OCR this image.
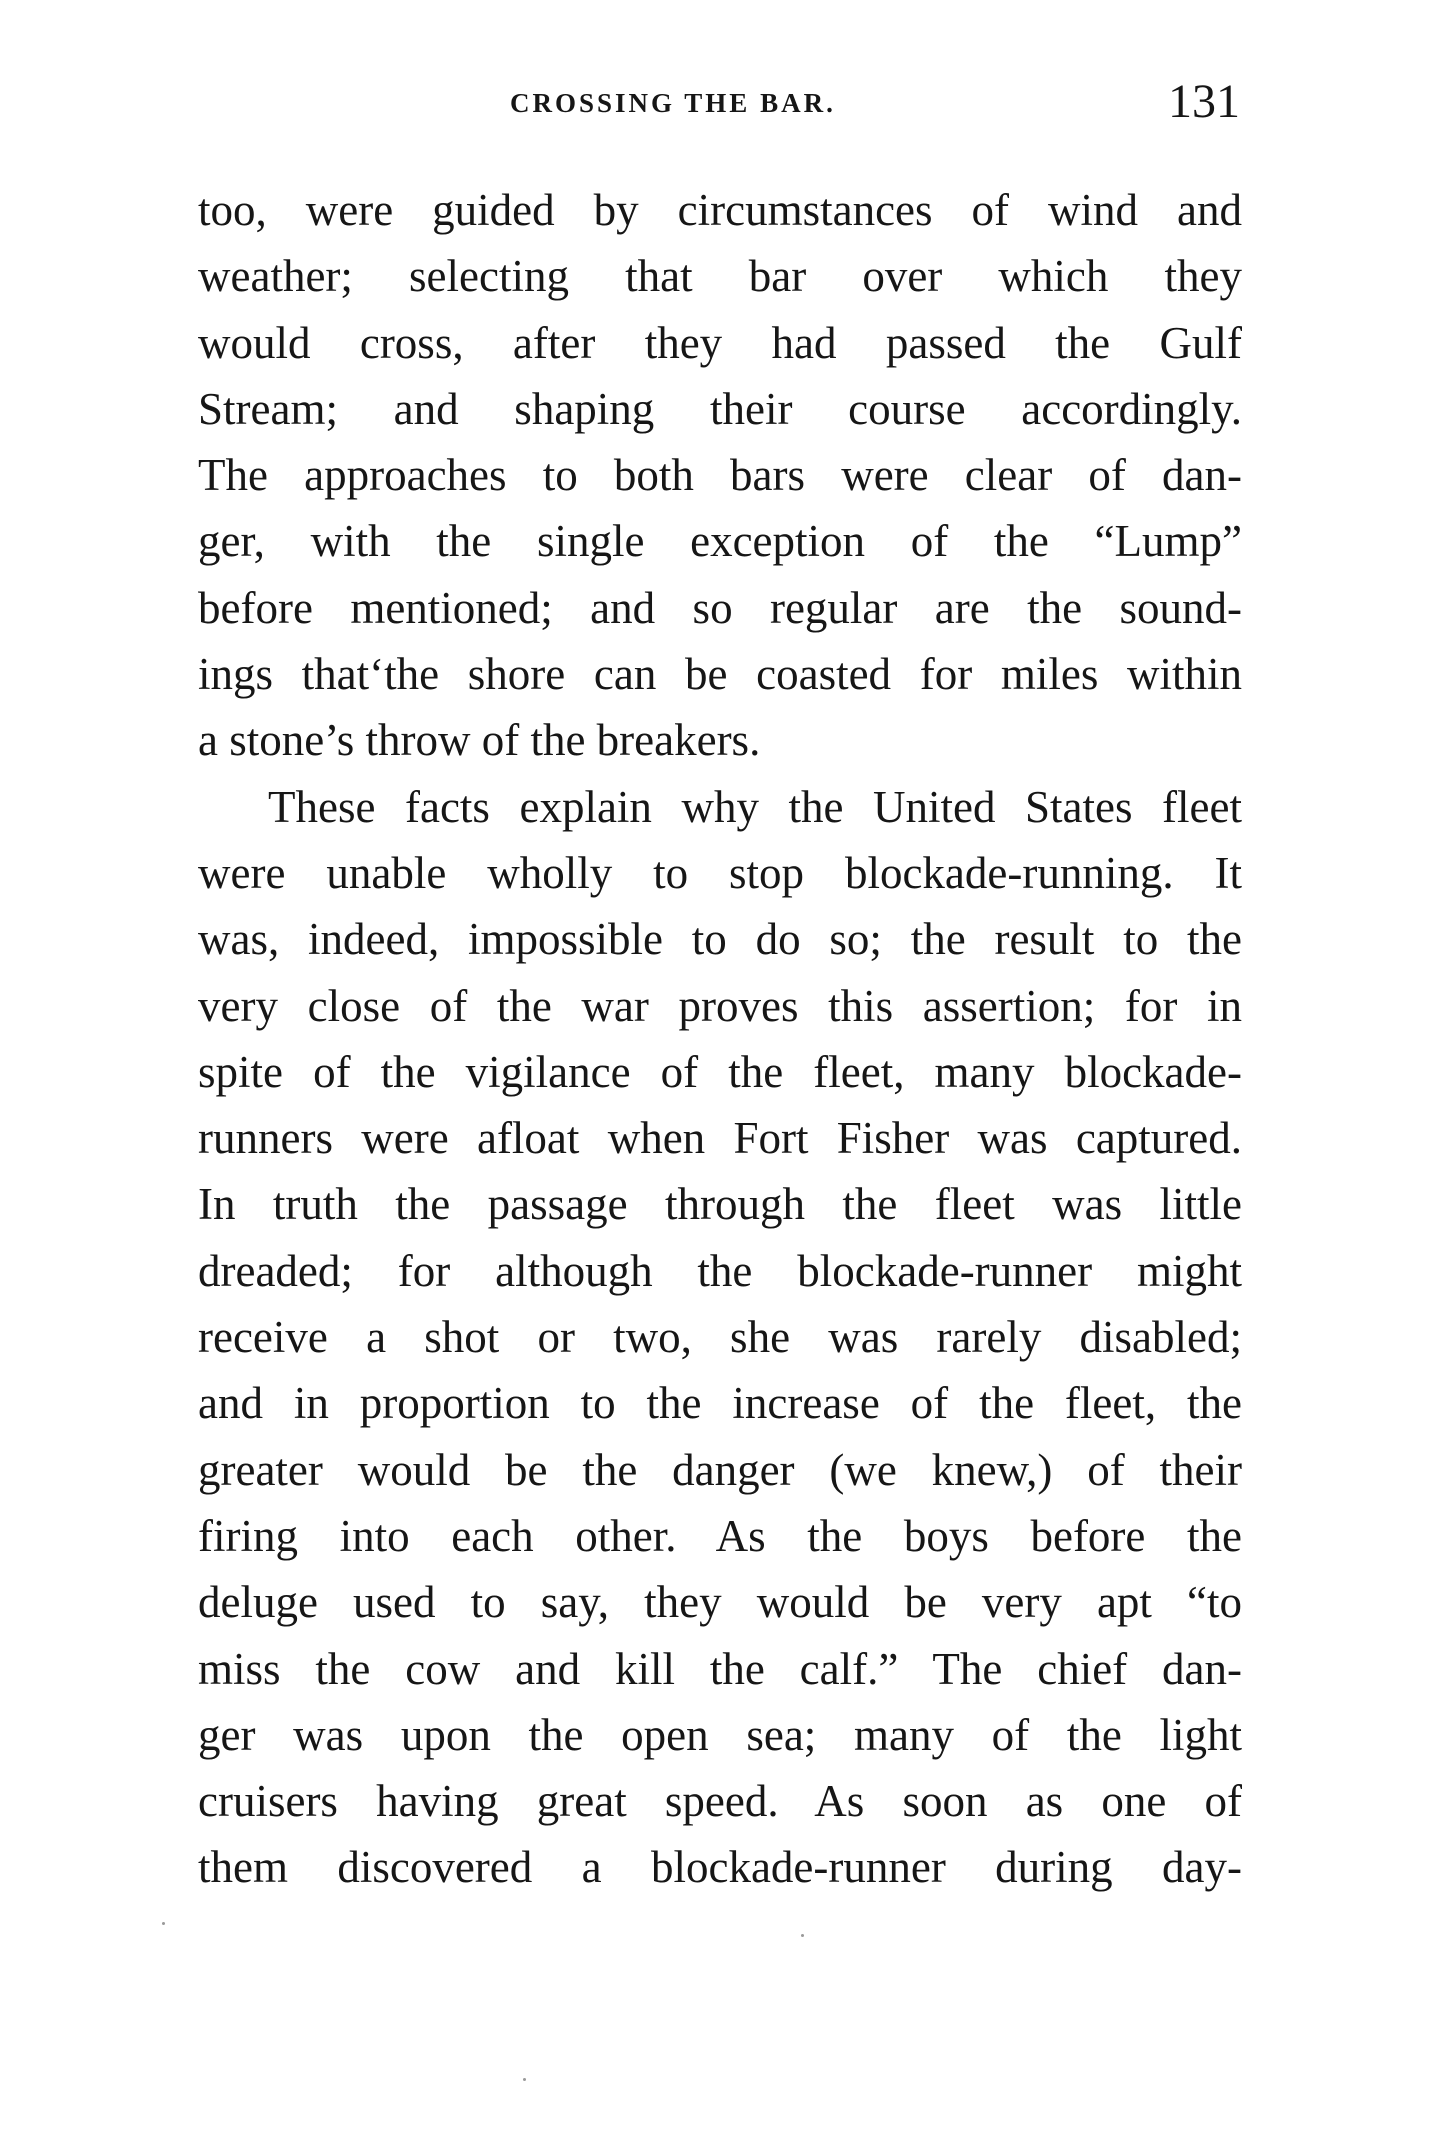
CROSSING THE BAR.	131
too, were guided by circumstances of wind and
weather; selecting that bar over which they
would cross, after they had passed the Gulf
Stream; and shaping their course accordingly.
The approaches to both bars were clear of dan-
ger, with the single exception of the “Lump”
before mentioned; and so regular are the sound-
ings that‘the shore can be coasted for miles within
a stone’s throw of the breakers.
These facts explain why the United States fleet
were unable wholly to stop blockade-running. It
was, indeed, impossible to do so; the result to the
very close of the war proves this assertion; for in
spite of the vigilance of the fleet, many blockade-
runners were afloat when Fort Fisher was captured.
In truth the passage through the fleet was little
dreaded; for although the blockade-runner might
receive a shot or two, she was rarely disabled;
and in proportion to the increase of the fleet, the
greater would be the danger (we knew,) of their
firing into each other. As the boys before the
deluge used to say, they would be very apt “to
miss the cow and kill the calf.” The chief dan-
ger was upon the open sea; many of the light
cruisers having great speed. As soon as one of
them discovered a blockade-runner during day-
